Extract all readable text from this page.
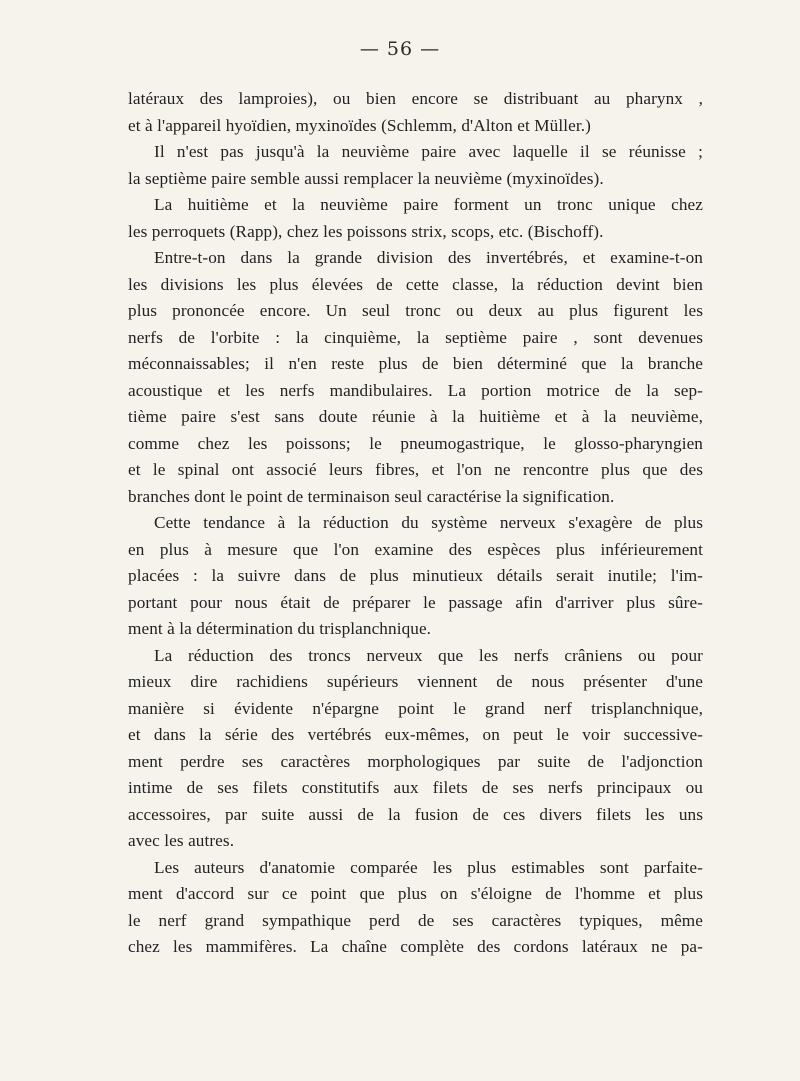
— 56 —
latéraux des lamproies), ou bien encore se distribuant au pharynx ,
et à l'appareil hyoïdien, myxinoïdes (Schlemm, d'Alton et Müller.)
Il n'est pas jusqu'à la neuvième paire avec laquelle il se réunisse ;
la septième paire semble aussi remplacer la neuvième (myxinoïdes).
La huitième et la neuvième paire forment un tronc unique chez
les perroquets (Rapp), chez les poissons strix, scops, etc. (Bischoff).
Entre-t-on dans la grande division des invertébrés, et examine-t-on
les divisions les plus élevées de cette classe, la réduction devint bien
plus prononcée encore. Un seul tronc ou deux au plus figurent les
nerfs de l'orbite : la cinquième, la septième paire , sont devenues
méconnaissables; il n'en reste plus de bien déterminé que la branche
acoustique et les nerfs mandibulaires. La portion motrice de la sep-
tième paire s'est sans doute réunie à la huitième et à la neuvième,
comme chez les poissons; le pneumogastrique, le glosso-pharyngien
et le spinal ont associé leurs fibres, et l'on ne rencontre plus que des
branches dont le point de terminaison seul caractérise la signification.
Cette tendance à la réduction du système nerveux s'exagère de plus
en plus à mesure que l'on examine des espèces plus inférieurement
placées : la suivre dans de plus minutieux détails serait inutile; l'im-
portant pour nous était de préparer le passage afin d'arriver plus sûre-
ment à la détermination du trisplanchnique.
La réduction des troncs nerveux que les nerfs crâniens ou pour
mieux dire rachidiens supérieurs viennent de nous présenter d'une
manière si évidente n'épargne point le grand nerf trisplanchnique,
et dans la série des vertébrés eux-mêmes, on peut le voir successive-
ment perdre ses caractères morphologiques par suite de l'adjonction
intime de ses filets constitutifs aux filets de ses nerfs principaux ou
accessoires, par suite aussi de la fusion de ces divers filets les uns
avec les autres.
Les auteurs d'anatomie comparée les plus estimables sont parfaite-
ment d'accord sur ce point que plus on s'éloigne de l'homme et plus
le nerf grand sympathique perd de ses caractères typiques, même
chez les mammifères. La chaîne complète des cordons latéraux ne pa-
